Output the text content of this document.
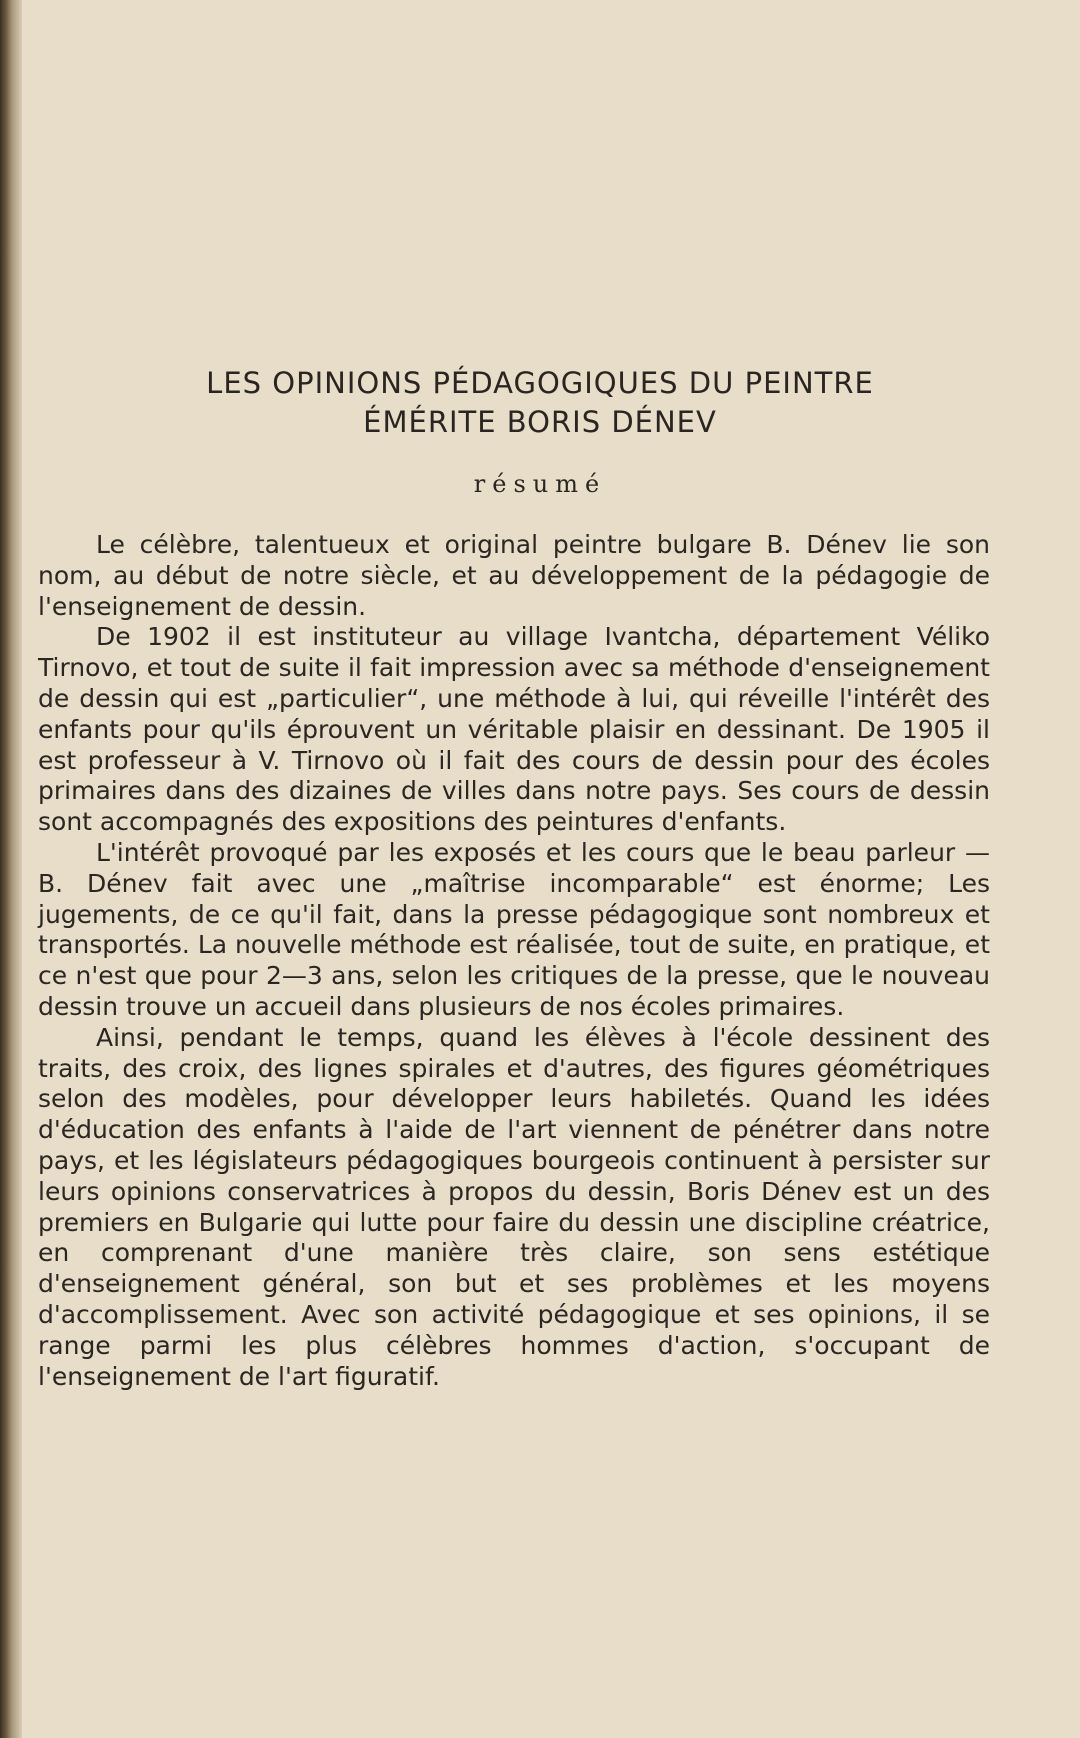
LES OPINIONS PÉDAGOGIQUES DU PEINTRE
ÉMÉRITE BORIS DÉNEV
résumé

Le célèbre, talentueux et original peintre bulgare B. Dénev lie son nom, au début de notre siècle, et au développement de la pédagogie de l'enseignement de dessin.

De 1902 il est instituteur au village Ivantcha, département Véliko Tirnovo, et tout de suite il fait impression avec sa méthode d'enseignement de dessin qui est „particulier“, une méthode à lui, qui réveille l'intérêt des enfants pour qu'ils éprouvent un véritable plaisir en dessinant. De 1905 il est professeur à V. Tirnovo où il fait des cours de dessin pour des écoles primaires dans des dizaines de villes dans notre pays. Ses cours de dessin sont accompagnés des expositions des peintures d'enfants.

L'intérêt provoqué par les exposés et les cours que le beau parleur — B. Dénev fait avec une „maîtrise incomparable“ est énorme; Les jugements, de ce qu'il fait, dans la presse pédagogique sont nombreux et transportés. La nouvelle méthode est réalisée, tout de suite, en pratique, et ce n'est que pour 2—3 ans, selon les critiques de la presse, que le nouveau dessin trouve un accueil dans plusieurs de nos écoles primaires.

Ainsi, pendant le temps, quand les élèves à l'école dessinent des traits, des croix, des lignes spirales et d'autres, des figures géométriques selon des modèles, pour développer leurs habiletés. Quand les idées d'éducation des enfants à l'aide de l'art viennent de pénétrer dans notre pays, et les législateurs pédagogiques bourgeois continuent à persister sur leurs opinions conservatrices à propos du dessin, Boris Dénev est un des premiers en Bulgarie qui lutte pour faire du dessin une discipline créatrice, en comprenant d'une manière très claire, son sens estétique d'enseignement général, son but et ses problèmes et les moyens d'accomplissement. Avec son activité pédagogique et ses opinions, il se range parmi les plus célèbres hommes d'action, s'occupant de l'enseignement de l'art figuratif.
